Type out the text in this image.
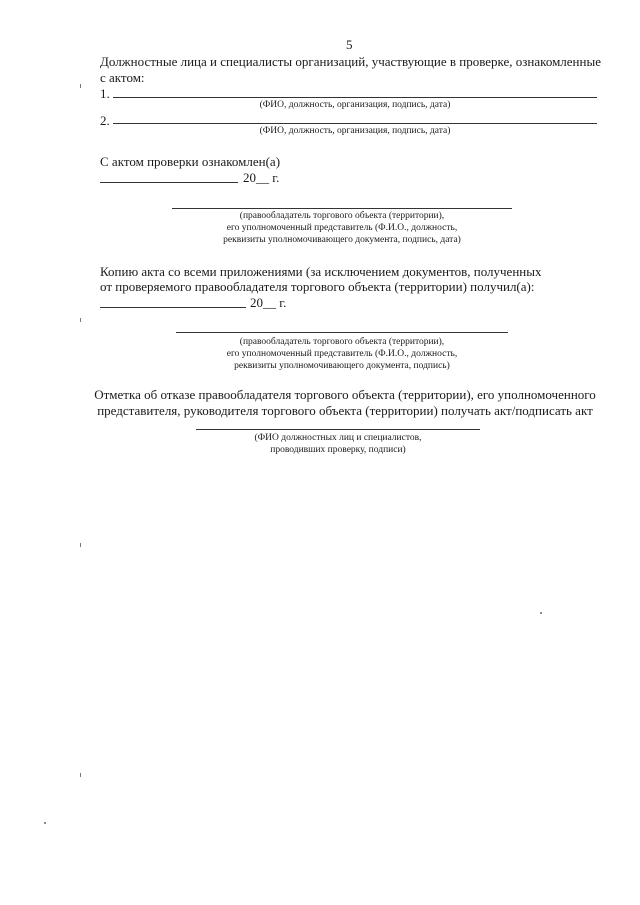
5
Должностные лица и специалисты организаций, участвующие в проверке, ознакомленные
с актом:
1.
(ФИО, должность, организация, подпись, дата)
2.
(ФИО, должность, организация, подпись, дата)
С актом проверки ознакомлен(а)
20__ г.
(правообладатель торгового объекта (территории),
его уполномоченный представитель (Ф.И.О., должность,
реквизиты уполномочивающего документа, подпись, дата)
Копию акта со всеми приложениями (за исключением документов, полученных
от проверяемого правообладателя торгового объекта (территории) получил(а):
20__ г.
(правообладатель торгового объекта (территории),
его уполномоченный представитель (Ф.И.О., должность,
реквизиты уполномочивающего документа, подпись)
Отметка об отказе правообладателя торгового объекта (территории), его уполномоченного
представителя, руководителя торгового объекта (территории) получать акт/подписать акт
(ФИО должностных лиц и специалистов,
проводивших проверку, подписи)
